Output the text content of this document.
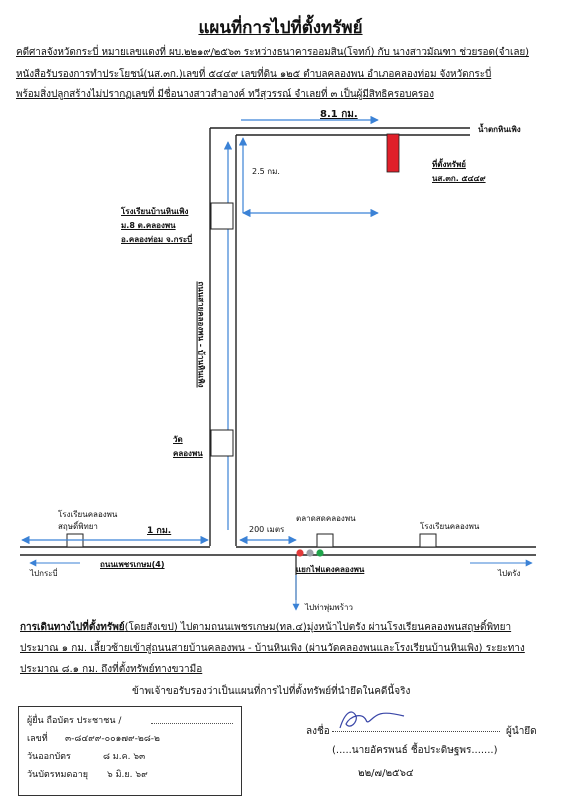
แผนที่การไปที่ตั้งทรัพย์
คดีศาลจังหวัดกระบี่ หมายเลขแดงที่ ผบ.๒๒๑๙/๒๕๖๓ ระหว่างธนาคารออมสิน(โจทก์) กับ นางสาวมัณฑา ช่วยรอด(จำเลย)
หนังสือรับรองการทำประโยชน์(นส.๓ก.)เลขที่ ๕๔๔๙ เลขที่ดิน ๑๒๕ ตำบลคลองพน อำเภอคลองท่อม จังหวัดกระบี่
พร้อมสิ่งปลูกสร้างไม่ปรากฏเลขที่ มีชื่อนางสาวสำอางค์ ทวีสุวรรณ์ จำเลยที่ ๓ เป็นผู้มีสิทธิครอบครอง
8.1 กม.
น้ำตกหินเพิง
2.5 กม.
ที่ตั้งทรัพย์
นส.๓ก. ๕๔๔๙
โรงเรียนบ้านหินเพิง
ม.8 ต.คลองพน
อ.คลองท่อม จ.กระบี่
ถนนสายคลองพน - บ้านหินเพิง
วัด
คลองพน
โรงเรียนคลองพน
สฤษดิ์พิทยา	1 กม.	200 เมตร
ตลาดสดคลองพน
โรงเรียนคลองพน
ถนนเพชรเกษม(4)
แยกไฟแดงคลองพน
ไปกระบี่	ไปตรัง
ไปท่าพุ่มพร้าว
การเดินทางไปที่ตั้งทรัพย์(โดยสังเขป) ไปตามถนนเพชรเกษม(ทล.๔)มุ่งหน้าไปตรัง ผ่านโรงเรียนคลองพนสฤษดิ์พิทยาประมาณ ๑ กม. เลี้ยวซ้ายเข้าสู่ถนนสายบ้านคลองพน - บ้านหินเพิง (ผ่านวัดคลองพนและโรงเรียนบ้านหินเพิง) ระยะทางประมาณ ๘.๑ กม. ถึงที่ตั้งทรัพย์ทางขวามือ
ข้าพเจ้าขอรับรองว่าเป็นแผนที่การไปที่ตั้งทรัพย์ที่นำยึดในคดีนี้จริง
ลงชื่อ	ผู้นำยึด
(.....นายอัครพนธ์ ชื้อประดิษฐพร.......)
๒๒/๗/๒๕๖๔
ผู้ยื่น ถือบัตร ประชาชน /

เลขที่ ๓-๘๔๙๙-๐๐๑๗๙-๒๘-๒
วันออกบัตร	๘ ม.ค. ๖๓
วันบัตรหมดอายุ ๖ มิ.ย. ๖๙
